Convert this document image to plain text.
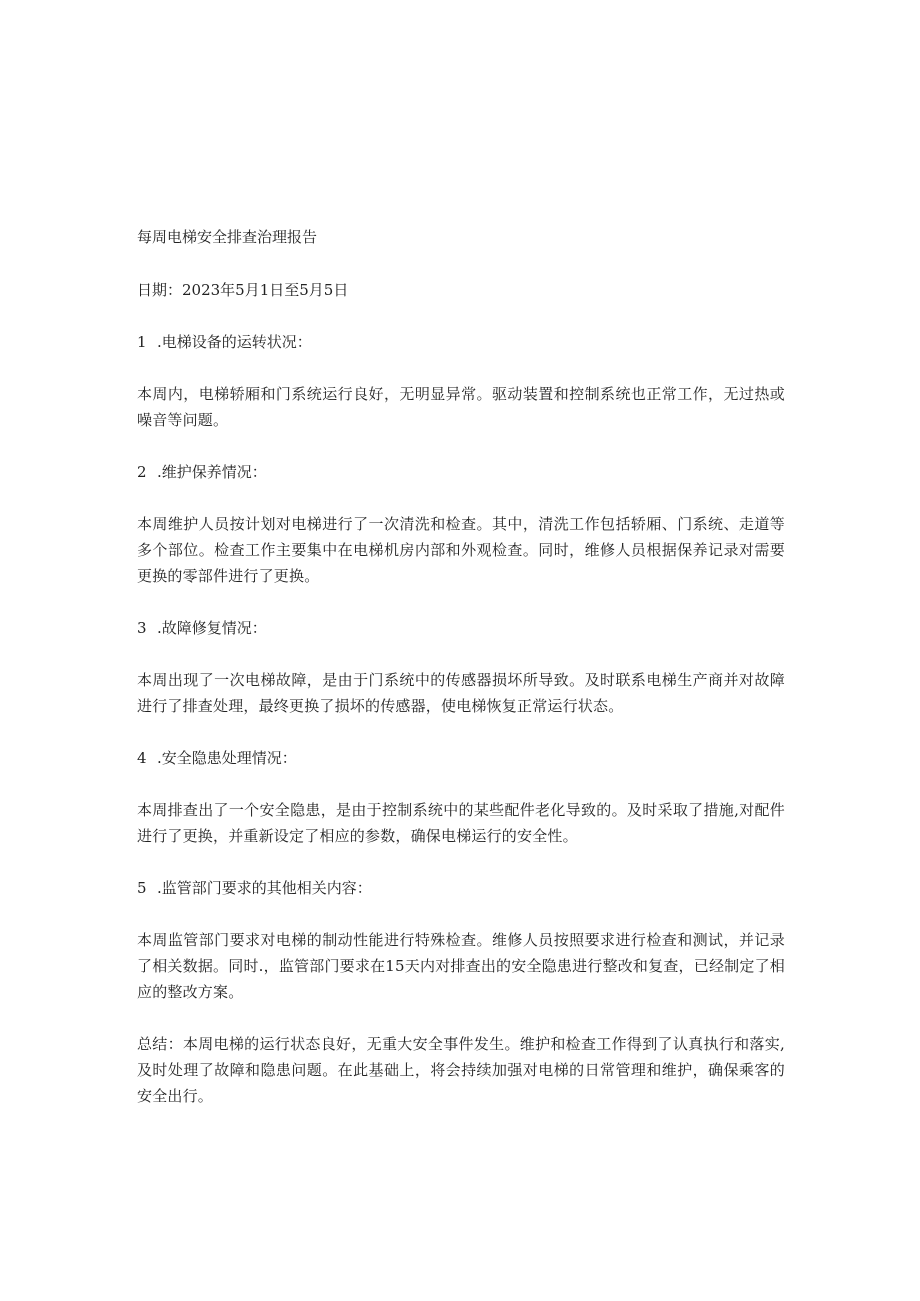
每周电梯安全排查治理报告
日期：2023年5月1日至5月5日
1 .电梯设备的运转状况：
本周内，电梯轿厢和门系统运行良好，无明显异常。驱动装置和控制系统也正常工作，无过热或噪音等问题。
2 .维护保养情况：
本周维护人员按计划对电梯进行了一次清洗和检查。其中，清洗工作包括轿厢、门系统、走道等多个部位。检查工作主要集中在电梯机房内部和外观检查。同时，维修人员根据保养记录对需要更换的零部件进行了更换。
3 .故障修复情况：
本周出现了一次电梯故障，是由于门系统中的传感器损坏所导致。及时联系电梯生产商并对故障进行了排查处理，最终更换了损坏的传感器，使电梯恢复正常运行状态。
4 .安全隐患处理情况：
本周排查出了一个安全隐患，是由于控制系统中的某些配件老化导致的。及时采取了措施,对配件进行了更换，并重新设定了相应的参数，确保电梯运行的安全性。
5 .监管部门要求的其他相关内容：
本周监管部门要求对电梯的制动性能进行特殊检查。维修人员按照要求进行检查和测试，并记录了相关数据。同时.，监管部门要求在15天内对排查出的安全隐患进行整改和复查，已经制定了相应的整改方案。
总结：本周电梯的运行状态良好，无重大安全事件发生。维护和检查工作得到了认真执行和落实,及时处理了故障和隐患问题。在此基础上，将会持续加强对电梯的日常管理和维护，确保乘客的安全出行。
